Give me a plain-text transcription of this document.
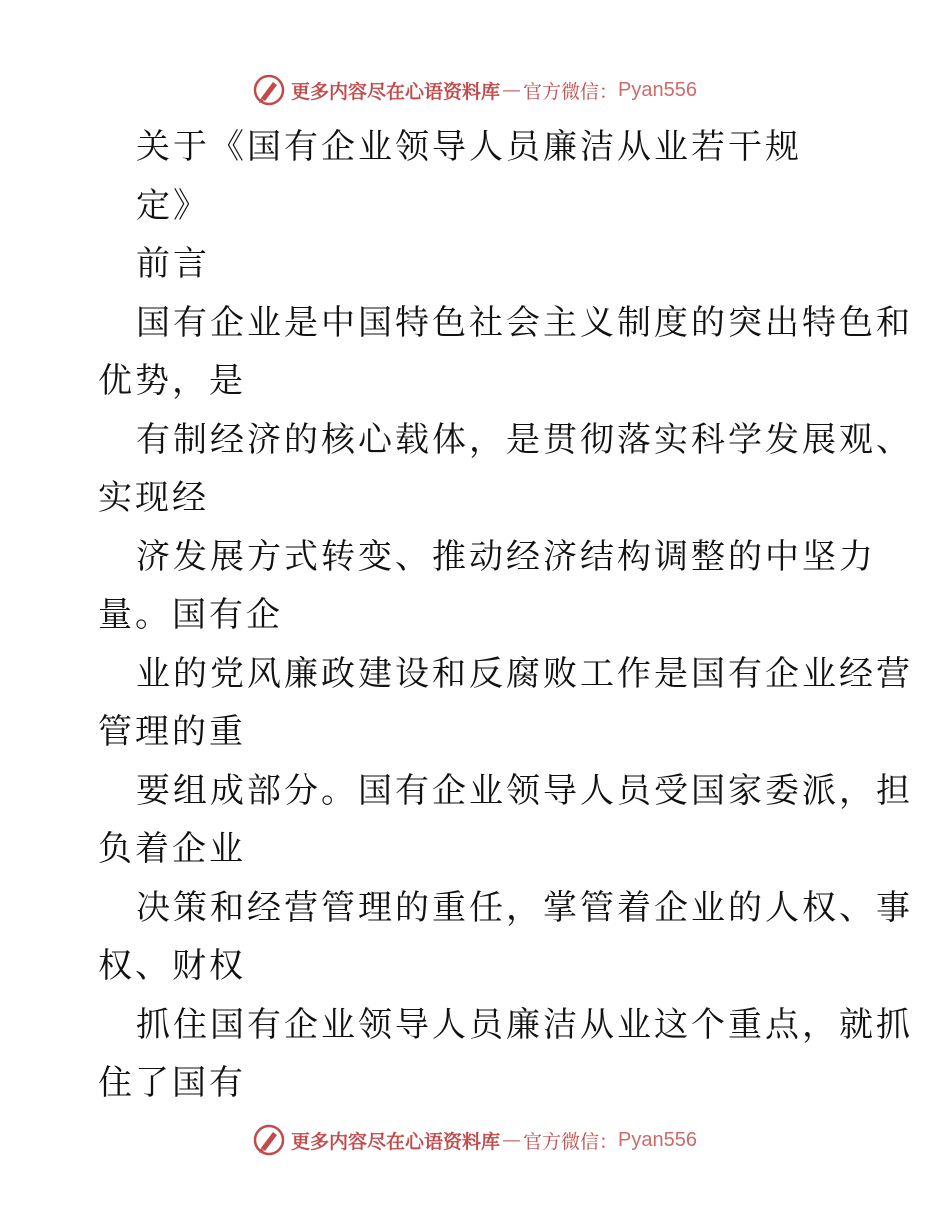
更多内容尽在心语资料库 — 官方微信： Pyan556
关于《国有企业领导人员廉洁从业若干规
定》
前言
国有企业是中国特色社会主义制度的突出特色和
优势，是
有制经济的核心载体，是贯彻落实科学发展观、
实现经
济发展方式转变、推动经济结构调整的中坚力
量。国有企
业的党风廉政建设和反腐败工作是国有企业经营
管理的重
要组成部分。国有企业领导人员受国家委派，担
负着企业
决策和经营管理的重任，掌管着企业的人权、事
权、财权
抓住国有企业领导人员廉洁从业这个重点，就抓
住了国有
更多内容尽在心语资料库 — 官方微信： Pyan556
